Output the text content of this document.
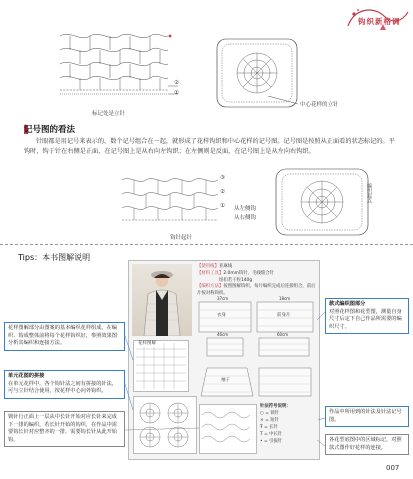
钩织新格调
②
①
标记处是立针
中心花样的立针
记号图的看法
针眼都是用记号来表示的，数个记号组合在一起，就形成了花样钩织和中心花样的记号图。记号图是按照从正面看的状态标记的。平钩时，钩于针在右侧是正面，在记号图上是从右向左钩织；在左侧则是反面，在记号图上是从左向右钩织。
③
②
① 从左侧钩
从右侧钩
钩针起针
编织起点
Tips：本书图解说明
【使用线】亚麻线
【材料工具】2.0mm钩针，毛线缝合针
纽扣若干粒140g
【编织方法】按照图解钩织，每片编织完成后连接组合，前后片按对称钩织。
衣身	前身片
37cm	18cm
46cm	60cm
袖子
花样图解
针法符号说明：
○ = 锁针
× = 短针
Ŧ = 长针
T = 中长针
• = 引拔针
花样图解部分由图案的基本编织花样组成，在编织、钩成整体前将每个花样钩织好，参照效果图分析其编织和连接方法。
单元花图的拼接
在单元花样中，各个钩针法之间有拼接的针法，可与立针结合使用，按花样中心向外钩织。
锁针行正面上一层从中长针开始对应长针来完成下一排的编织，若长针开始的钩织，在作品中需要钩长针对应整齐的一排，需要钩长针从此开始钩。
款式编织图部分
对照花样图和花型图，测量自身尺寸后定下自己作品所需要的编织尺寸。
作品中所用到的针法及针法记号图。
各花型底图中的区域标记，对照款式图作好花样的连接。
007
